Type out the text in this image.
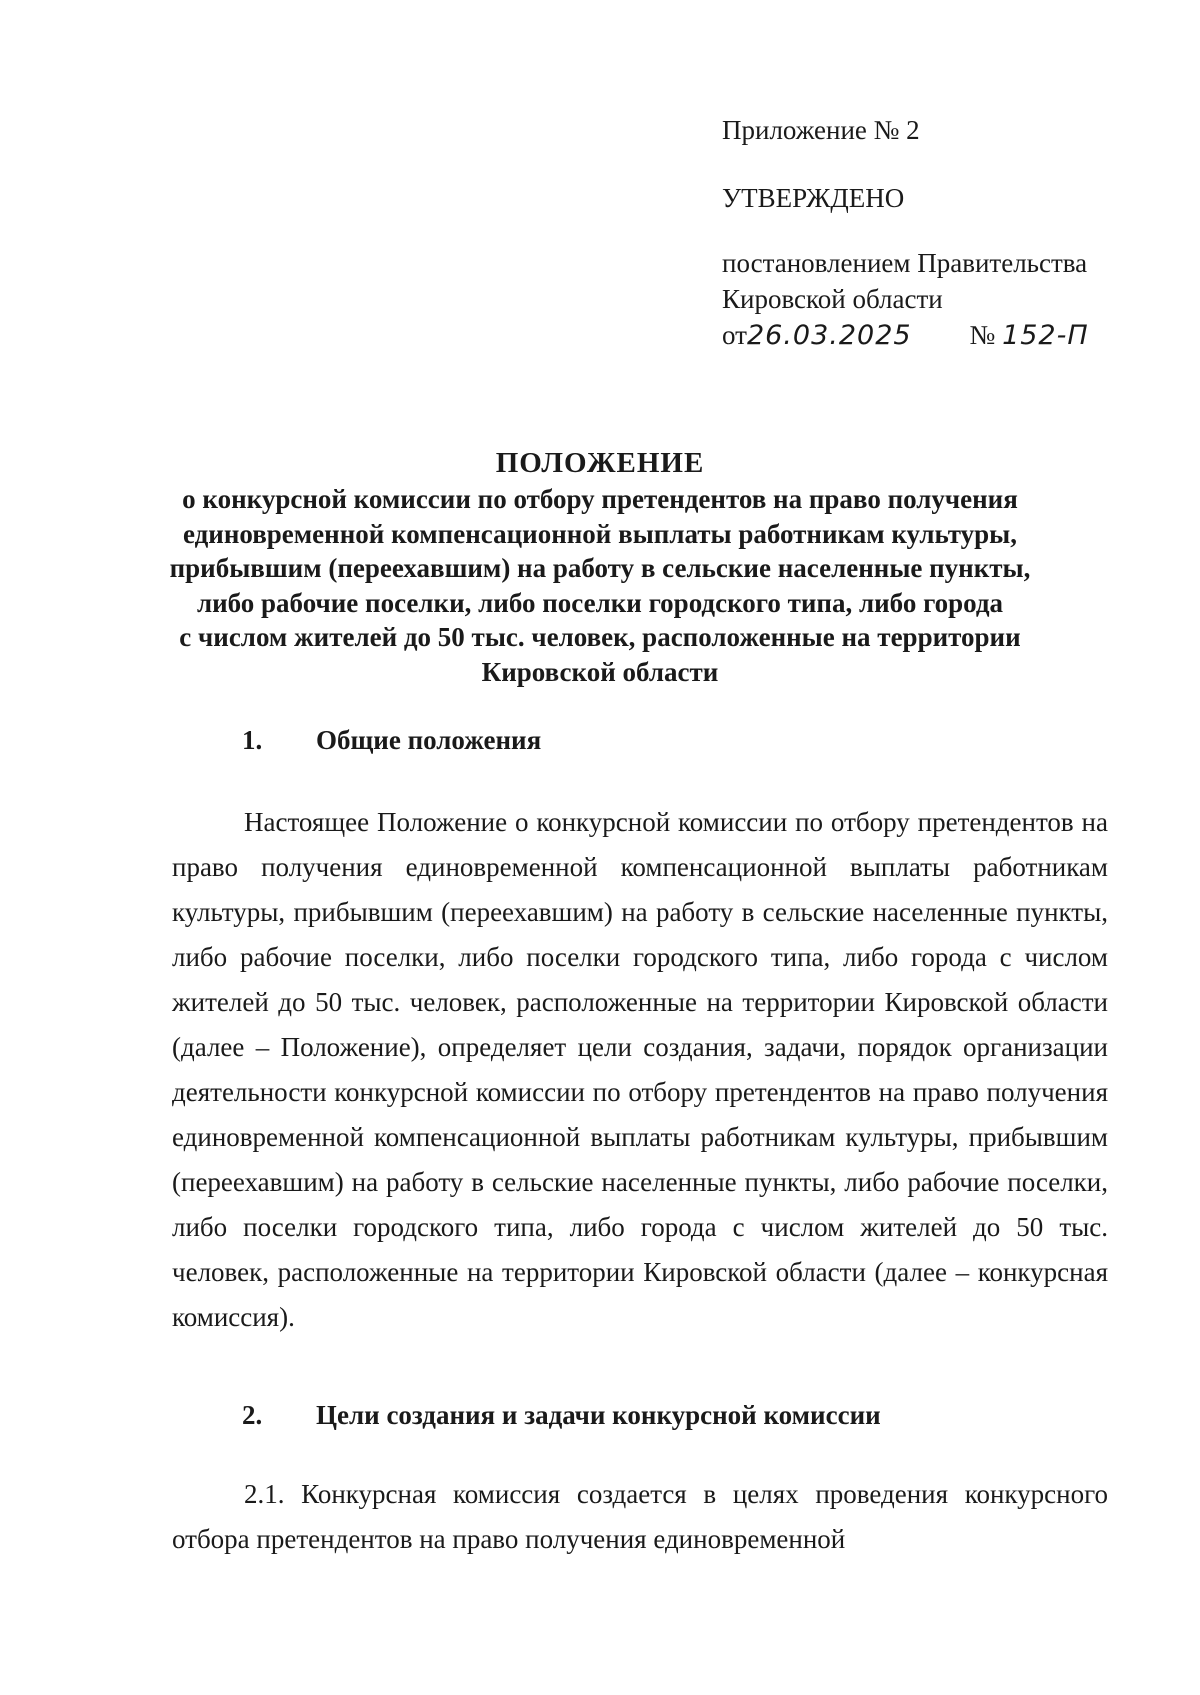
Приложение № 2
УТВЕРЖДЕНО
постановлением Правительства
Кировской области
от26.03.2025 № 152-П
ПОЛОЖЕНИЕ
о конкурсной комиссии по отбору претендентов на право получения
единовременной компенсационной выплаты работникам культуры,
прибывшим (переехавшим) на работу в сельские населенные пункты,
либо рабочие поселки, либо поселки городского типа, либо города
с числом жителей до 50 тыс. человек, расположенные на территории
Кировской области
1. Общие положения

Настоящее Положение о конкурсной комиссии по отбору претендентов на право получения единовременной компенсационной выплаты работникам культуры, прибывшим (переехавшим) на работу в сельские населенные пункты, либо рабочие поселки, либо поселки городского типа, либо города с числом жителей до 50 тыс. человек, расположенные на территории Кировской области (далее – Положение), определяет цели создания, задачи, порядок организации деятельности конкурсной комиссии по отбору претендентов на право получения единовременной компенсационной выплаты работникам культуры, прибывшим (переехавшим) на работу в сельские населенные пункты, либо рабочие поселки, либо поселки городского типа, либо города с числом жителей до 50 тыс. человек, расположенные на территории Кировской области (далее – конкурсная комиссия).

2. Цели создания и задачи конкурсной комиссии

2.1. Конкурсная комиссия создается в целях проведения конкурсного отбора претендентов на право получения единовременной
